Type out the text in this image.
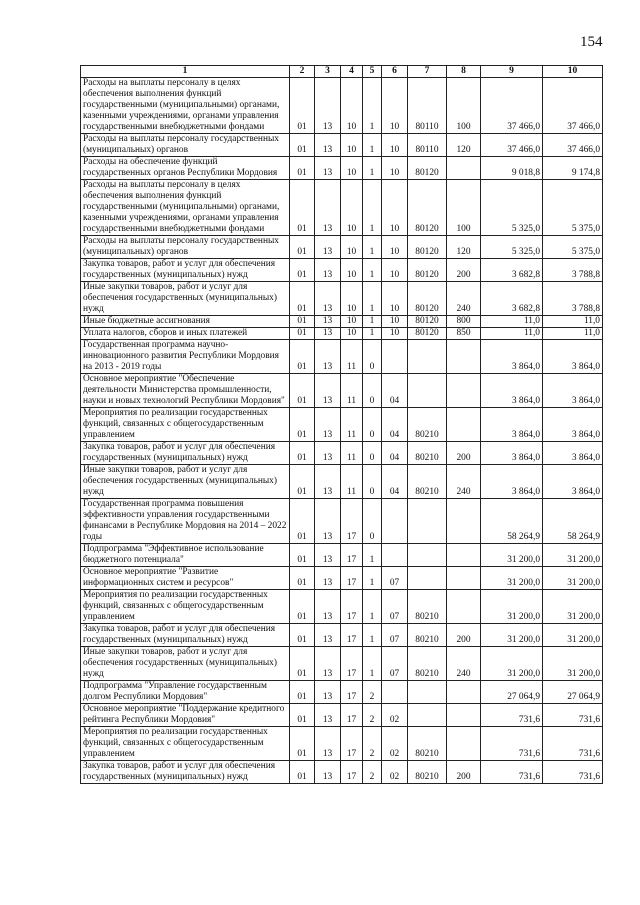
154
1	2	3	4	5	6	7	8	9	10
Расходы на выплаты персоналу в целях обеспечения выполнения функций государственными (муниципальными) органами, казенными учреждениями, органами управления государственными внебюджетными фондами	01	13	10	1	10	80110	100	37 466,0	37 466,0
Расходы на выплаты персоналу государственных (муниципальных) органов	01	13	10	1	10	80110	120	37 466,0	37 466,0
Расходы на обеспечение функций государственных органов Республики Мордовия	01	13	10	1	10	80120		9 018,8	9 174,8
Расходы на выплаты персоналу в целях обеспечения выполнения функций государственными (муниципальными) органами, казенными учреждениями, органами управления государственными внебюджетными фондами	01	13	10	1	10	80120	100	5 325,0	5 375,0
Расходы на выплаты персоналу государственных (муниципальных) органов	01	13	10	1	10	80120	120	5 325,0	5 375,0
Закупка товаров, работ и услуг для обеспечения государственных (муниципальных) нужд	01	13	10	1	10	80120	200	3 682,8	3 788,8
Иные закупки товаров, работ и услуг для обеспечения государственных (муниципальных) нужд	01	13	10	1	10	80120	240	3 682,8	3 788,8
Иные бюджетные ассигнования	01	13	10	1	10	80120	800	11,0	11,0
Уплата налогов, сборов и иных платежей	01	13	10	1	10	80120	850	11,0	11,0
Государственная программа научно-инновационного развития Республики Мордовия на 2013 - 2019 годы	01	13	11	0				3 864,0	3 864,0
Основное мероприятие "Обеспечение деятельности Министерства промышленности, науки и новых технологий Республики Мордовия"	01	13	11	0	04			3 864,0	3 864,0
Мероприятия по реализации государственных функций, связанных с общегосударственным управлением	01	13	11	0	04	80210		3 864,0	3 864,0
Закупка товаров, работ и услуг для обеспечения государственных (муниципальных) нужд	01	13	11	0	04	80210	200	3 864,0	3 864,0
Иные закупки товаров, работ и услуг для обеспечения государственных (муниципальных) нужд	01	13	11	0	04	80210	240	3 864,0	3 864,0
Государственная программа повышения эффективности управления государственными финансами в Республике Мордовия на 2014 – 2022 годы	01	13	17	0				58 264,9	58 264,9
Подпрограмма "Эффективное использование бюджетного потенциала"	01	13	17	1				31 200,0	31 200,0
Основное мероприятие "Развитие информационных систем и ресурсов"	01	13	17	1	07			31 200,0	31 200,0
Мероприятия по реализации государственных функций, связанных с общегосударственным управлением	01	13	17	1	07	80210		31 200,0	31 200,0
Закупка товаров, работ и услуг для обеспечения государственных (муниципальных) нужд	01	13	17	1	07	80210	200	31 200,0	31 200,0
Иные закупки товаров, работ и услуг для обеспечения государственных (муниципальных) нужд	01	13	17	1	07	80210	240	31 200,0	31 200,0
Подпрограмма "Управление государственным долгом Республики Мордовия"	01	13	17	2				27 064,9	27 064,9
Основное мероприятие "Поддержание кредитного рейтинга Республики Мордовия"	01	13	17	2	02			731,6	731,6
Мероприятия по реализации государственных функций, связанных с общегосударственным управлением	01	13	17	2	02	80210		731,6	731,6
Закупка товаров, работ и услуг для обеспечения государственных (муниципальных) нужд	01	13	17	2	02	80210	200	731,6	731,6
